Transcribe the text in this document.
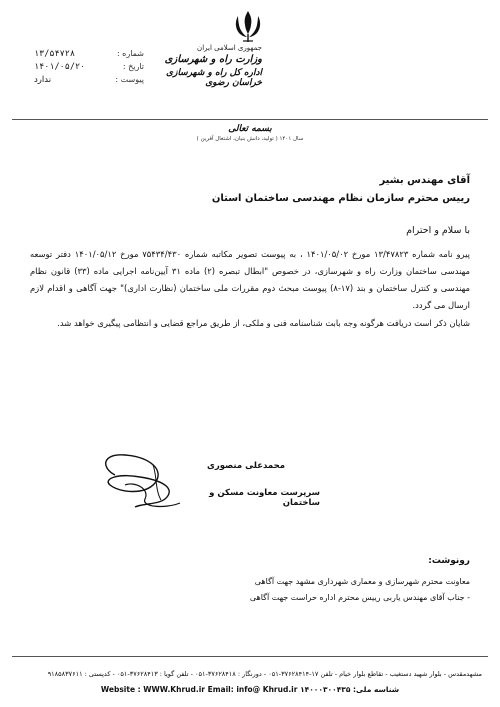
جمهوری اسلامی ایران
وزارت راه و شهرسازی
اداره کل راه و شهرسازی خراسان رضوی
شماره :
۱۳/۵۴۷۲۸
تاریخ :
۱۴۰۱/۰۵/۲۰
پیوست :
ندارد
بسمه تعالی
سال ۱۴۰۱ ( تولید، دانش بنیان، اشتغال آفرین )
آقای مهندس بشیر
رییس محترم سازمان نظام مهندسی ساختمان استان
با سلام و احترام
پیرو نامه شماره ۱۳/۴۷۸۲۳ مورخ ۱۴۰۱/۰۵/۰۲ ، به پیوست تصویر مکاتبه شماره ۷۵۴۳۴/۴۳۰ مورخ ۱۴۰۱/۰۵/۱۲ دفتر توسعه مهندسی ساختمان وزارت راه و شهرسازی، در خصوص "ابطال تبصره (۲) ماده ۳۱ آیین‌نامه اجرایی ماده (۳۳) قانون نظام مهندسی و کنترل ساختمان و بند (۱۷-۸) پیوست مبحث دوم مقررات ملی ساختمان (نظارت اداری)" جهت آگاهی و اقدام لازم ارسال می گردد.
شایان ذکر است دریافت هرگونه وجه بابت شناسنامه فنی و ملکی، از طریق مراجع قضایی و انتظامی پیگیری خواهد شد.
محمدعلی منصوری
سرپرست معاونت مسکن و ساختمان
رونوشت:
معاونت محترم شهرسازی و معماری شهرداری مشهد جهت آگاهی
- جناب آقای مهندس یاربی رییس محترم اداره حراست جهت آگاهی
مشهدمقدس - بلوار شهید دستغیب - تقاطع بلوار خیام - تلفن ۱۷-۳۷۶۲۸۴۱۴-۰۵۱ - دورنگار : ۳۷۶۲۸۴۱۸-۰۵۱ - تلفن گویا : ۳۷۶۲۸۴۱۳-۰۵۱ - کدپستی : ۹۱۸۵۸۳۷۶۱۱
Website : WWW.Khrud.ir Email: info@ Khrud.ir شناسه ملی: ۱۴۰۰۰۳۰۰۴۳۵
